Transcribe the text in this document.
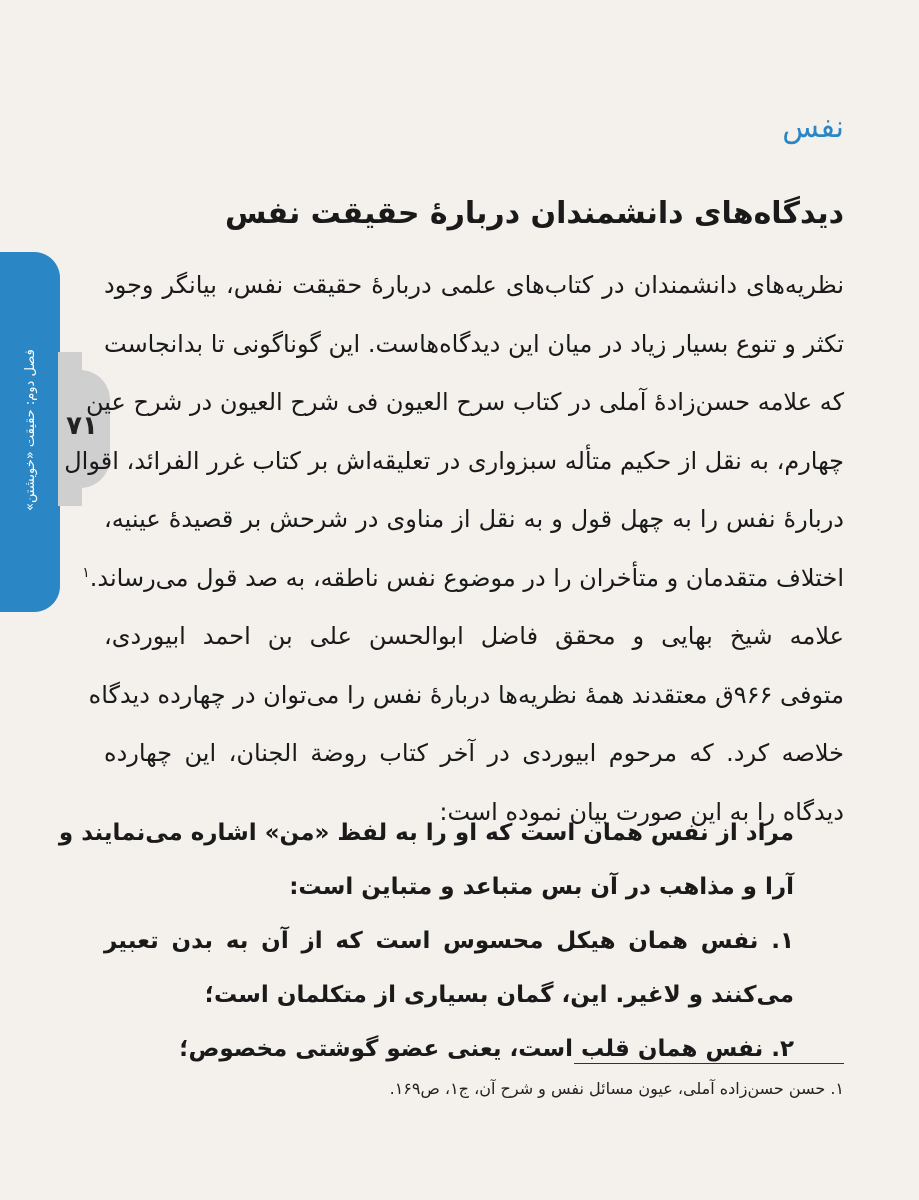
فصل دوم: حقیقت «خویشتن»	۷۱
نفس
دیدگاه‌های دانشمندان دربارهٔ حقیقت نفس
نظریه‌های دانشمندان در کتاب‌های علمی دربارهٔ حقیقت نفس، بیانگر وجود
تکثر و تنوع بسیار زیاد در میان این دیدگاه‌هاست. این گوناگونی تا بدانجاست
که علامه حسن‌زادهٔ آملی در کتاب سرح العیون فی شرح العیون در شرح عین
چهارم، به نقل از حکیم متأله سبزواری در تعلیقه‌اش بر کتاب غرر الفرائد، اقوال
دربارهٔ نفس را به چهل قول و به نقل از مناوی در شرحش بر قصیدهٔ عینیه،
اختلاف متقدمان و متأخران را در موضوع نفس ناطقه، به صد قول می‌رساند.$^۱$
علامه شیخ بهایی و محقق فاضل ابوالحسن علی بن احمد ابیوردی،
متوفی ۹۶۶ق معتقدند همهٔ نظریه‌ها دربارهٔ نفس را می‌توان در چهارده دیدگاه
خلاصه کرد. که مرحوم ابیوردی در آخر کتاب روضة الجنان، این چهارده
دیدگاه را به این صورت بیان نموده است:
مراد از نفس همان است که او را به لفظ «من» اشاره می‌نمایند و
آرا و مذاهب در آن بس متباعد و متباین است:
۱. نفس همان هیکل محسوس است که از آن به بدن تعبیر
می‌کنند و لاغیر. این، گمان بسیاری از متکلمان است؛
۲. نفس همان قلب است، یعنی عضو گوشتی مخصوص؛
۱. حسن حسن‌زاده آملی، عیون مسائل نفس و شرح آن، ج۱، ص۱۶۹.
